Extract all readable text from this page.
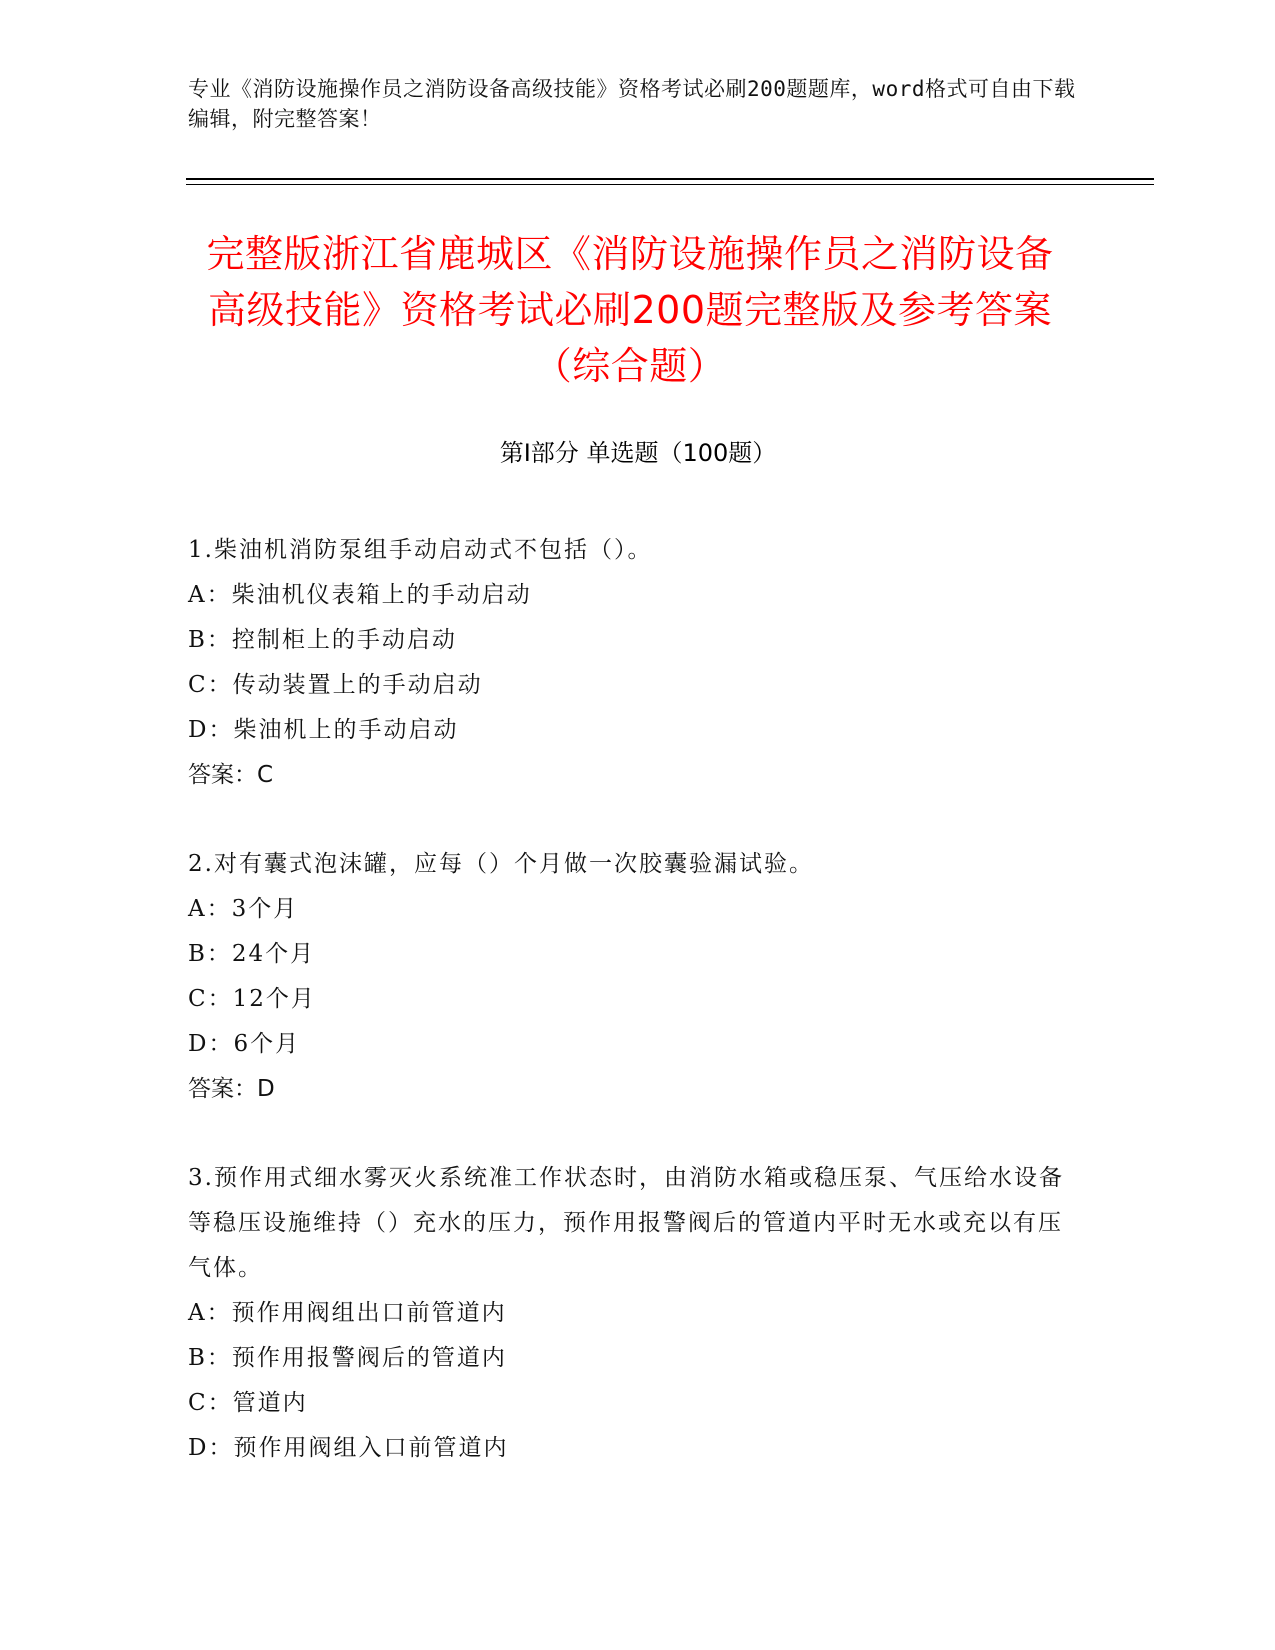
专业《消防设施操作员之消防设备高级技能》资格考试必刷200题题库，word格式可自由下载编辑，附完整答案！
完整版浙江省鹿城区《消防设施操作员之消防设备高级技能》资格考试必刷200题完整版及参考答案（综合题）
第Ⅰ部分 单选题（100题）
1.柴油机消防泵组手动启动式不包括（）。
A：柴油机仪表箱上的手动启动
B：控制柜上的手动启动
C：传动装置上的手动启动
D：柴油机上的手动启动
答案：C
2.对有囊式泡沫罐，应每（）个月做一次胶囊验漏试验。
A：3个月
B：24个月
C：12个月
D：6个月
答案：D
3.预作用式细水雾灭火系统准工作状态时，由消防水箱或稳压泵、气压给水设备等稳压设施维持（）充水的压力，预作用报警阀后的管道内平时无水或充以有压气体。
A：预作用阀组出口前管道内
B：预作用报警阀后的管道内
C：管道内
D：预作用阀组入口前管道内
